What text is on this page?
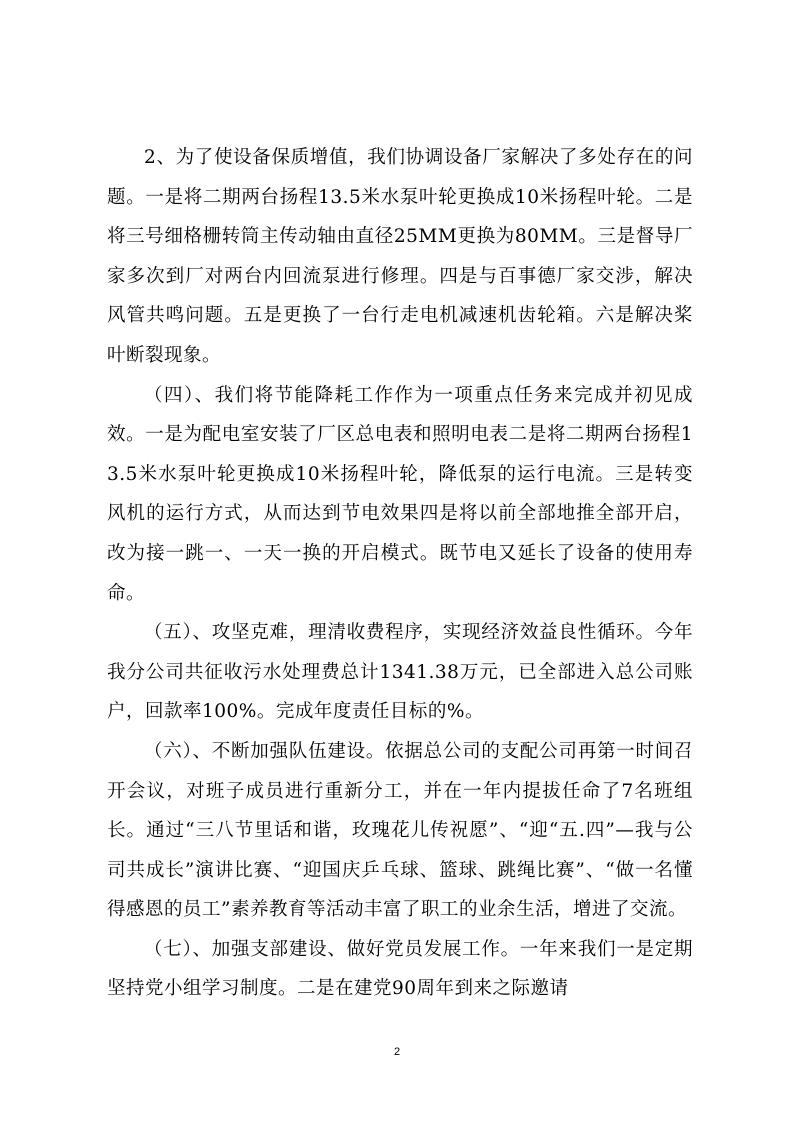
2、为了使设备保质增值，我们协调设备厂家解决了多处存在的问题。一是将二期两台扬程13.5米水泵叶轮更换成10米扬程叶轮。二是将三号细格栅转筒主传动轴由直径25MM更换为80MM。三是督导厂家多次到厂对两台内回流泵进行修理。四是与百事德厂家交涉，解决风管共鸣问题。五是更换了一台行走电机减速机齿轮箱。六是解决桨叶断裂现象。

（四）、我们将节能降耗工作作为一项重点任务来完成并初见成效。一是为配电室安装了厂区总电表和照明电表二是将二期两台扬程13.5米水泵叶轮更换成10米扬程叶轮，降低泵的运行电流。三是转变风机的运行方式，从而达到节电效果四是将以前全部地推全部开启，改为接一跳一、一天一换的开启模式。既节电又延长了设备的使用寿命。

（五）、攻坚克难，理清收费程序，实现经济效益良性循环。今年我分公司共征收污水处理费总计1341.38万元，已全部进入总公司账户，回款率100%。完成年度责任目标的%。

（六）、不断加强队伍建设。依据总公司的支配公司再第一时间召开会议，对班子成员进行重新分工，并在一年内提拔任命了7名班组长。通过“三八节里话和谐，玫瑰花儿传祝愿”、“迎“五.四”—我与公司共成长”演讲比赛、“迎国庆乒乓球、篮球、跳绳比赛”、“做一名懂得感恩的员工”素养教育等活动丰富了职工的业余生活，增进了交流。

（七）、加强支部建设、做好党员发展工作。一年来我们一是定期坚持党小组学习制度。二是在建党90周年到来之际邀请

2
